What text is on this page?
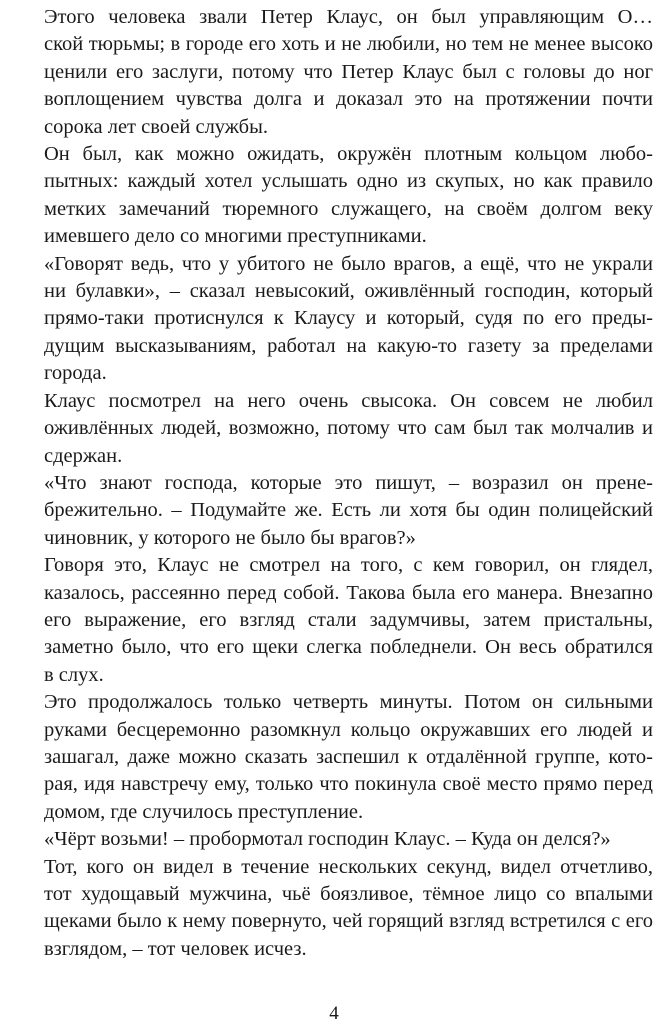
Этого человека звали Петер Клаус, он был управляющим О…
ской тюрьмы; в городе его хоть и не любили, но тем не менее высоко
ценили его заслуги, потому что Петер Клаус был с головы до ног
воплощением чувства долга и доказал это на протяжении почти
сорока лет своей службы.
Он был, как можно ожидать, окружён плотным кольцом любо-
пытных: каждый хотел услышать одно из скупых, но как правило
метких замечаний тюремного служащего, на своём долгом веку
имевшего дело со многими преступниками.
«Говорят ведь, что у убитого не было врагов, а ещё, что не украли
ни булавки», – сказал невысокий, оживлённый господин, который
прямо-таки протиснулся к Клаусу и который, судя по его преды-
дущим высказываниям, работал на какую-то газету за пределами
города.
Клаус посмотрел на него очень свысока. Он совсем не любил
оживлённых людей, возможно, потому что сам был так молчалив и
сдержан.
«Что знают господа, которые это пишут, – возразил он прене-
брежительно. – Подумайте же. Есть ли хотя бы один полицейский
чиновник, у которого не было бы врагов?»
Говоря это, Клаус не смотрел на того, с кем говорил, он глядел,
казалось, рассеянно перед собой. Такова была его манера. Внезапно
его выражение, его взгляд стали задумчивы, затем пристальны,
заметно было, что его щеки слегка побледнели. Он весь обратился
в слух.
Это продолжалось только четверть минуты. Потом он сильными
руками бесцеремонно разомкнул кольцо окружавших его людей и
зашагал, даже можно сказать заспешил к отдалённой группе, кото-
рая, идя навстречу ему, только что покинула своё место прямо перед
домом, где случилось преступление.
«Чёрт возьми! – пробормотал господин Клаус. – Куда он делся?»
Тот, кого он видел в течение нескольких секунд, видел отчетливо,
тот худощавый мужчина, чьё боязливое, тёмное лицо со впалыми
щеками было к нему повернуто, чей горящий взгляд встретился с его
взглядом, – тот человек исчез.
4
